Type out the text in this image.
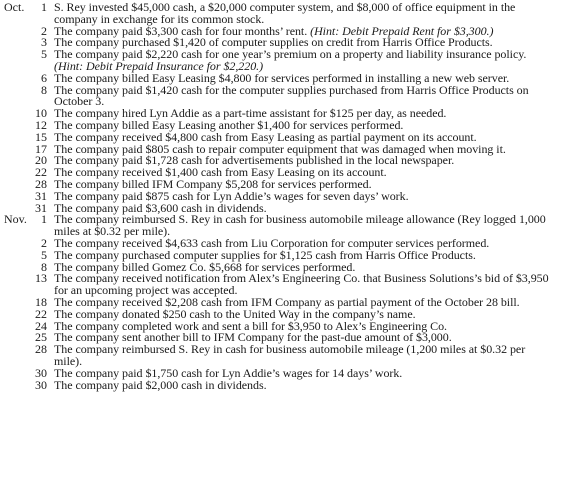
Oct.	1 S. Rey invested $45,000 cash, a $20,000 computer system, and $8,000 of office equipment in the company in exchange for its common stock.
2 The company paid $3,300 cash for four months’ rent. (Hint: Debit Prepaid Rent for $3,300.)
3 The company purchased $1,420 of computer supplies on credit from Harris Office Products.
5 The company paid $2,220 cash for one year’s premium on a property and liability insurance policy. (Hint: Debit Prepaid Insurance for $2,220.)
6 The company billed Easy Leasing $4,800 for services performed in installing a new web server.
8 The company paid $1,420 cash for the computer supplies purchased from Harris Office Products on October 3.
10 The company hired Lyn Addie as a part-time assistant for $125 per day, as needed.
12 The company billed Easy Leasing another $1,400 for services performed.
15 The company received $4,800 cash from Easy Leasing as partial payment on its account.
17 The company paid $805 cash to repair computer equipment that was damaged when moving it.
20 The company paid $1,728 cash for advertisements published in the local newspaper.
22 The company received $1,400 cash from Easy Leasing on its account.
28 The company billed IFM Company $5,208 for services performed.
31 The company paid $875 cash for Lyn Addie’s wages for seven days’ work.
31 The company paid $3,600 cash in dividends.
Nov.	1 The company reimbursed S. Rey in cash for business automobile mileage allowance (Rey logged 1,000 miles at $0.32 per mile).
2 The company received $4,633 cash from Liu Corporation for computer services performed.
5 The company purchased computer supplies for $1,125 cash from Harris Office Products.
8 The company billed Gomez Co. $5,668 for services performed.
13 The company received notification from Alex’s Engineering Co. that Business Solutions’s bid of $3,950 for an upcoming project was accepted.
18 The company received $2,208 cash from IFM Company as partial payment of the October 28 bill.
22 The company donated $250 cash to the United Way in the company’s name.
24 The company completed work and sent a bill for $3,950 to Alex’s Engineering Co.
25 The company sent another bill to IFM Company for the past-due amount of $3,000.
28 The company reimbursed S. Rey in cash for business automobile mileage (1,200 miles at $0.32 per mile).
30 The company paid $1,750 cash for Lyn Addie’s wages for 14 days’ work.
30 The company paid $2,000 cash in dividends.
